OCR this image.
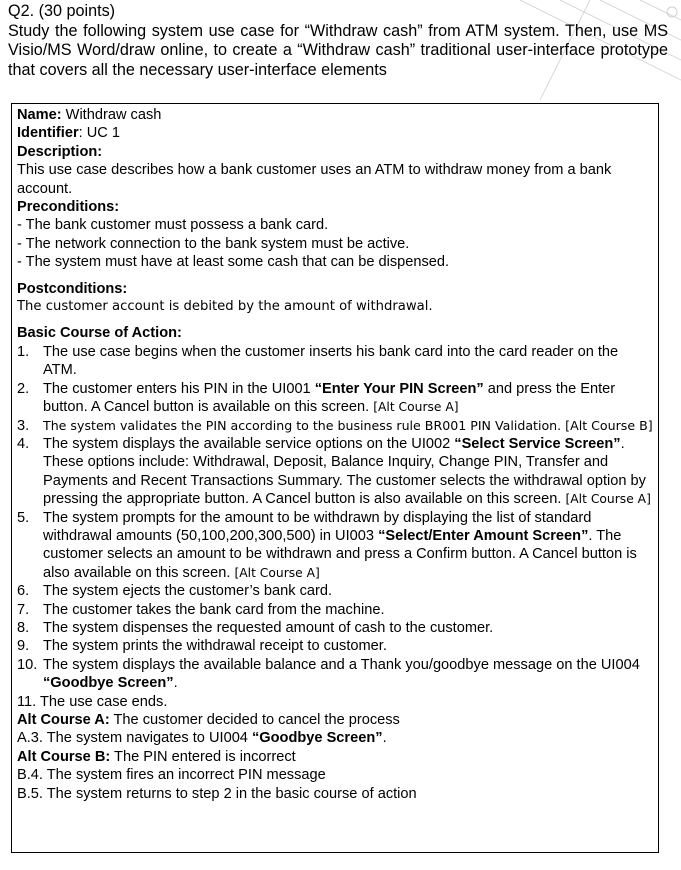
Q2. (30 points)

Study the following system use case for “Withdraw cash” from ATM system. Then, use MS Visio/MS Word/draw online, to create a “Withdraw cash” traditional user-interface prototype that covers all the necessary user-interface elements

Name: Withdraw cash
Identifier: UC 1
Description:
This use case describes how a bank customer uses an ATM to withdraw money from a bank account.
Preconditions:
- The bank customer must possess a bank card.
- The network connection to the bank system must be active.
- The system must have at least some cash that can be dispensed.
Postconditions:
The customer account is debited by the amount of withdrawal.
Basic Course of Action:
1. The use case begins when the customer inserts his bank card into the card reader on the ATM.
2. The customer enters his PIN in the UI001 “Enter Your PIN Screen” and press the Enter button. A Cancel button is available on this screen. [Alt Course A]
3.	The system validates the PIN according to the business rule BR001 PIN Validation. [Alt Course B]
4. The system displays the available service options on the UI002 “Select Service Screen”. These options include: Withdrawal, Deposit, Balance Inquiry, Change PIN, Transfer and Payments and Recent Transactions Summary. The customer selects the withdrawal option by pressing the appropriate button. A Cancel button is also available on this screen. [Alt Course A]
5. The system prompts for the amount to be withdrawn by displaying the list of standard withdrawal amounts (50,100,200,300,500) in UI003 “Select/Enter Amount Screen”. The customer selects an amount to be withdrawn and press a Confirm button. A Cancel button is also available on this screen. [Alt Course A]
6. The system ejects the customer’s bank card.
7. The customer takes the bank card from the machine.
8. The system dispenses the requested amount of cash to the customer.
9. The system prints the withdrawal receipt to customer.
10. The system displays the available balance and a Thank you/goodbye message on the UI004 “Goodbye Screen”.
11. The use case ends.
Alt Course A: The customer decided to cancel the process
A.3. The system navigates to UI004 “Goodbye Screen”.
Alt Course B: The PIN entered is incorrect
B.4. The system fires an incorrect PIN message
B.5. The system returns to step 2 in the basic course of action
